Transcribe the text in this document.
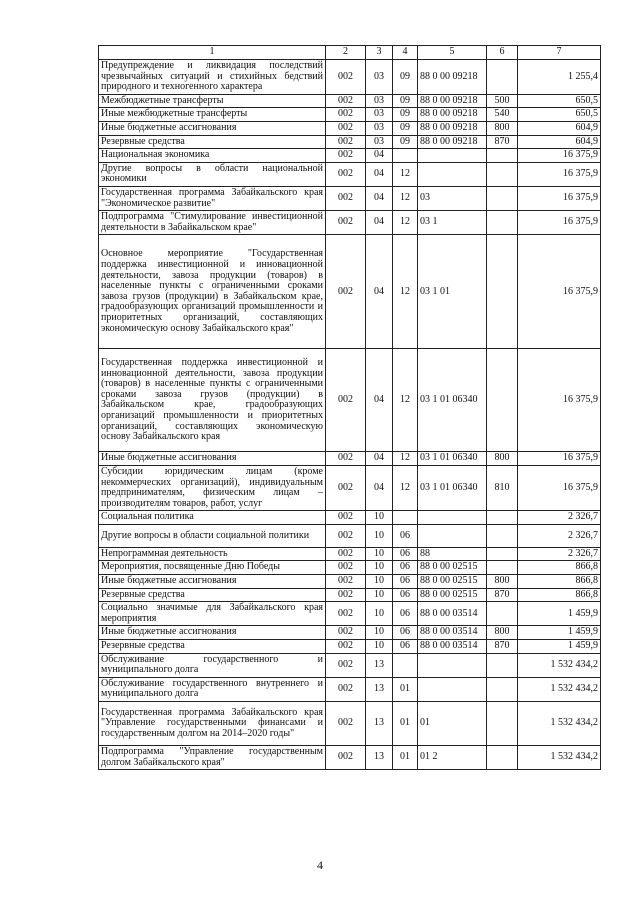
1	2	3	4	5	6	7
Предупреждение и ликвидация последствий чрезвычайных ситуаций и стихийных бедствий природного и техногенного характера	002	03	09	88 0 00 09218		1 255,4
Межбюджетные трансферты	002	03	09	88 0 00 09218	500	650,5
Иные межбюджетные трансферты	002	03	09	88 0 00 09218	540	650,5
Иные бюджетные ассигнования	002	03	09	88 0 00 09218	800	604,9
Резервные средства	002	03	09	88 0 00 09218	870	604,9
Национальная экономика	002	04				16 375,9
Другие вопросы в области национальной экономики	002	04	12			16 375,9
Государственная программа Забайкальского края "Экономическое развитие"	002	04	12	03		16 375,9
Подпрограмма "Стимулирование инвестиционной деятельности в Забайкальском крае"	002	04	12	03 1		16 375,9
Основное мероприятие "Государственная поддержка инвестиционной и инновационной деятельности, завоза продукции (товаров) в населенные пункты с ограниченными сроками завоза грузов (продукции) в Забайкальском крае, градообразующих организаций промышленности и приоритетных организаций, составляющих экономическую основу Забайкальского края"	002	04	12	03 1 01		16 375,9
Государственная поддержка инвестиционной и инновационной деятельности, завоза продукции (товаров) в населенные пункты с ограниченными сроками завоза грузов (продукции) в Забайкальском крае, градообразующих организаций промышленности и приоритетных организаций, составляющих экономическую основу Забайкальского края	002	04	12	03 1 01 06340		16 375,9
Иные бюджетные ассигнования	002	04	12	03 1 01 06340	800	16 375,9
Субсидии юридическим лицам (кроме некоммерческих организаций), индивидуальным предпринимателям, физическим лицам – производителям товаров, работ, услуг	002	04	12	03 1 01 06340	810	16 375,9
Социальная политика	002	10				2 326,7
Другие вопросы в области социальной политики	002	10	06			2 326,7
Непрограммная деятельность	002	10	06	88		2 326,7
Мероприятия, посвященные Дню Победы	002	10	06	88 0 00 02515		866,8
Иные бюджетные ассигнования	002	10	06	88 0 00 02515	800	866,8
Резервные средства	002	10	06	88 0 00 02515	870	866,8
Социально значимые для Забайкальского края мероприятия	002	10	06	88 0 00 03514		1 459,9
Иные бюджетные ассигнования	002	10	06	88 0 00 03514	800	1 459,9
Резервные средства	002	10	06	88 0 00 03514	870	1 459,9
Обслуживание государственного и муниципального долга	002	13				1 532 434,2
Обслуживание государственного внутреннего и муниципального долга	002	13	01			1 532 434,2
Государственная программа Забайкальского края "Управление государственными финансами и государственным долгом на 2014–2020 годы"	002	13	01	01		1 532 434,2
Подпрограмма "Управление государственным долгом Забайкальского края"	002	13	01	01 2		1 532 434,2
4
